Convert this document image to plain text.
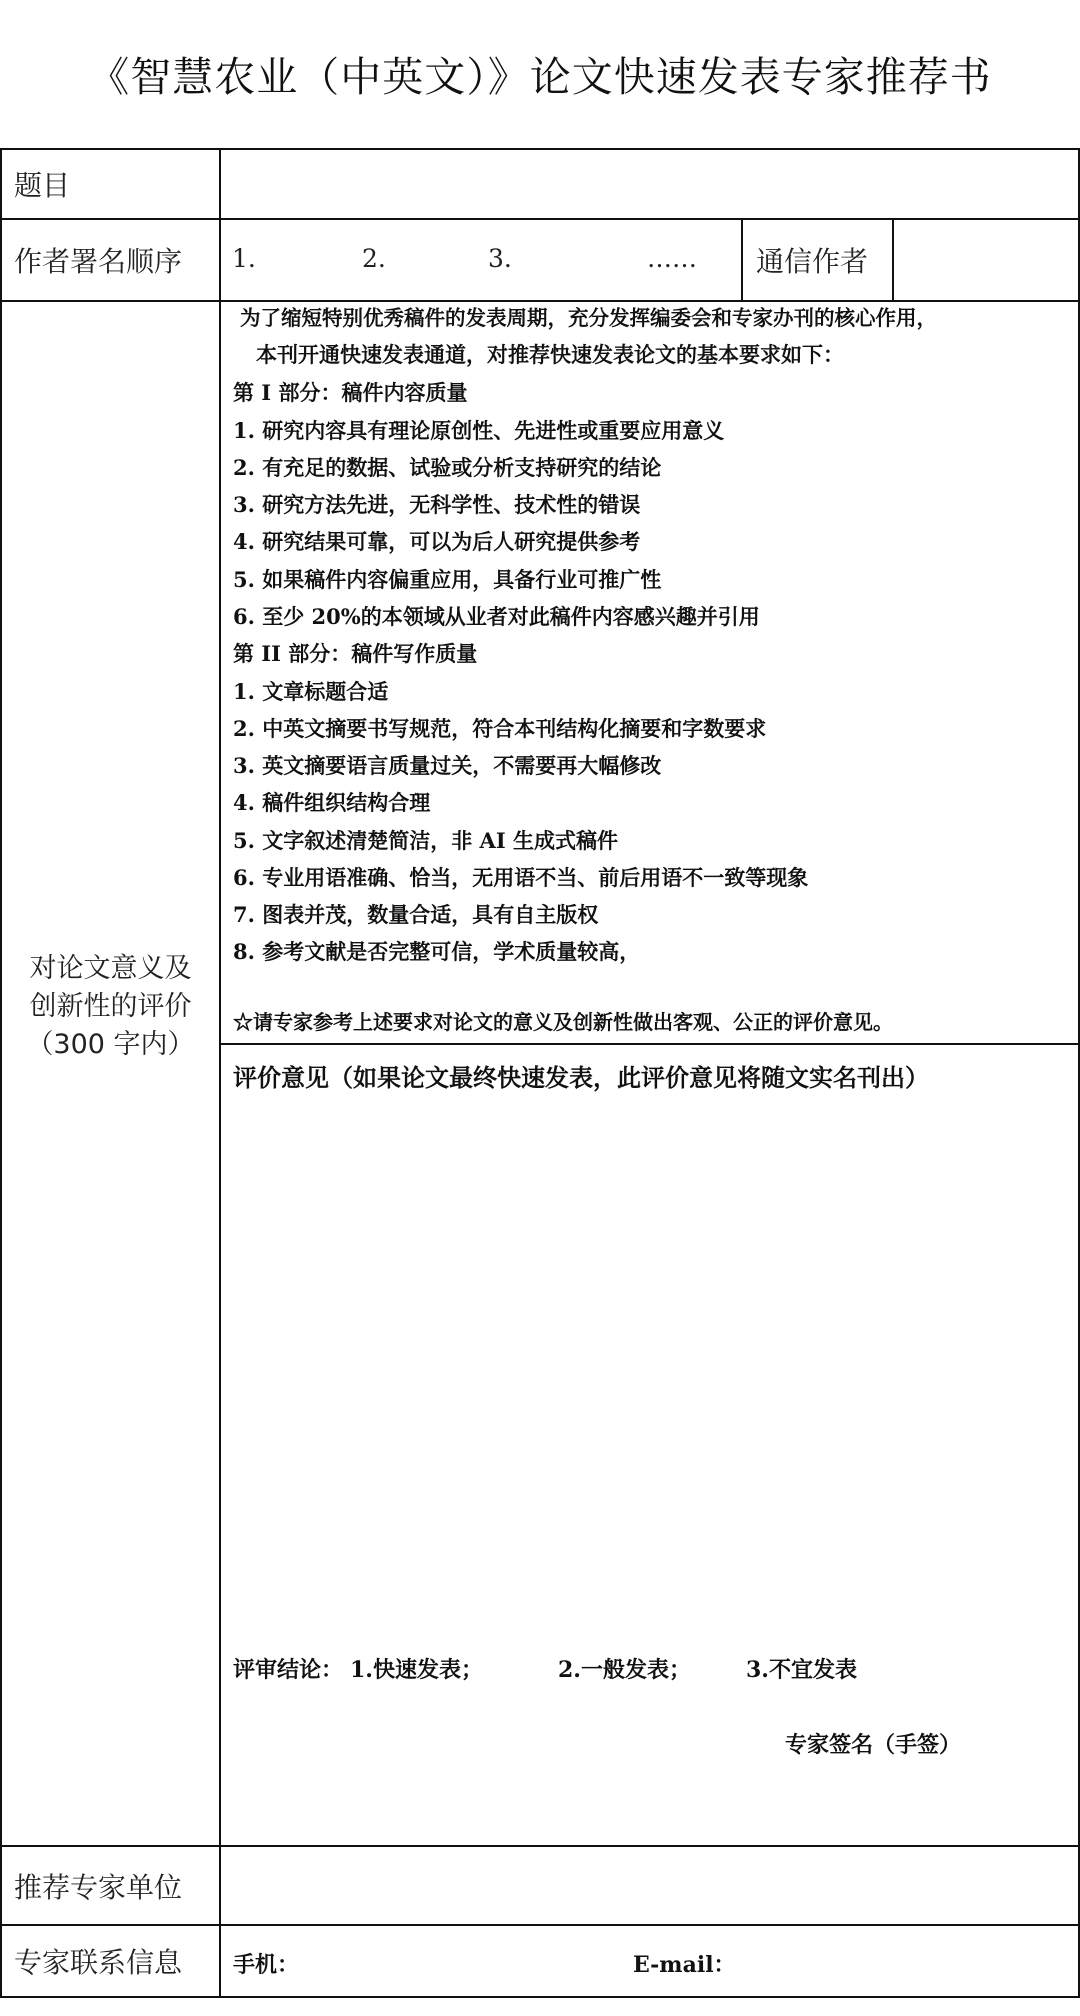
《智慧农业（中英文）》论文快速发表专家推荐书
题目
作者署名顺序 1.	2.	3.	…… 通信作者
对论文意义及
创新性的评价
（300 字内）
为了缩短特别优秀稿件的发表周期，充分发挥编委会和专家办刊的核心作用，
本刊开通快速发表通道，对推荐快速发表论文的基本要求如下：
第 I 部分：稿件内容质量
1. 研究内容具有理论原创性、先进性或重要应用意义
2. 有充足的数据、试验或分析支持研究的结论
3. 研究方法先进，无科学性、技术性的错误
4. 研究结果可靠，可以为后人研究提供参考
5. 如果稿件内容偏重应用，具备行业可推广性
6. 至少 20%的本领域从业者对此稿件内容感兴趣并引用
第 II 部分：稿件写作质量
1. 文章标题合适
2. 中英文摘要书写规范，符合本刊结构化摘要和字数要求
3. 英文摘要语言质量过关，不需要再大幅修改
4. 稿件组织结构合理
5. 文字叙述清楚简洁，非 AI 生成式稿件
6. 专业用语准确、恰当，无用语不当、前后用语不一致等现象
7. 图表并茂，数量合适，具有自主版权
8. 参考文献是否完整可信，学术质量较高，
☆请专家参考上述要求对论文的意义及创新性做出客观、公正的评价意见。
评价意见（如果论文最终快速发表，此评价意见将随文实名刊出）
评审结论： 1.快速发表；	2.一般发表；	3.不宜发表
专家签名（手签）
推荐专家单位
专家联系信息 手机：	E-mail：
